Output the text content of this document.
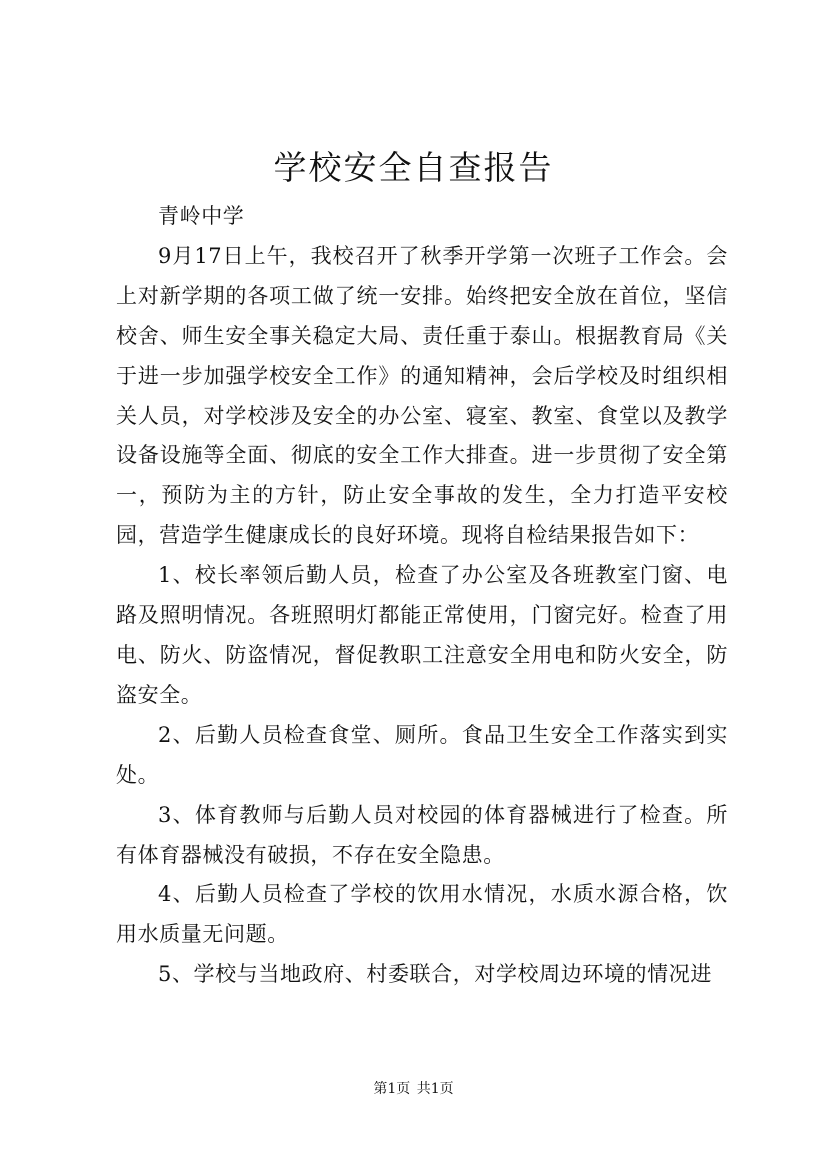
学校安全自查报告

青岭中学

9月17日上午，我校召开了秋季开学第一次班子工作会。会上对新学期的各项工做了统一安排。始终把安全放在首位，坚信校舍、师生安全事关稳定大局、责任重于泰山。根据教育局《关于进一步加强学校安全工作》的通知精神，会后学校及时组织相关人员，对学校涉及安全的办公室、寝室、教室、食堂以及教学设备设施等全面、彻底的安全工作大排查。进一步贯彻了安全第一，预防为主的方针，防止安全事故的发生，全力打造平安校园，营造学生健康成长的良好环境。现将自检结果报告如下：

1、校长率领后勤人员，检查了办公室及各班教室门窗、电路及照明情况。各班照明灯都能正常使用，门窗完好。检查了用电、防火、防盗情况，督促教职工注意安全用电和防火安全，防盗安全。

2、后勤人员检查食堂、厕所。食品卫生安全工作落实到实处。

3、体育教师与后勤人员对校园的体育器械进行了检查。所有体育器械没有破损，不存在安全隐患。

4、后勤人员检查了学校的饮用水情况，水质水源合格，饮用水质量无问题。

5、学校与当地政府、村委联合，对学校周边环境的情况进

第1页 共1页
